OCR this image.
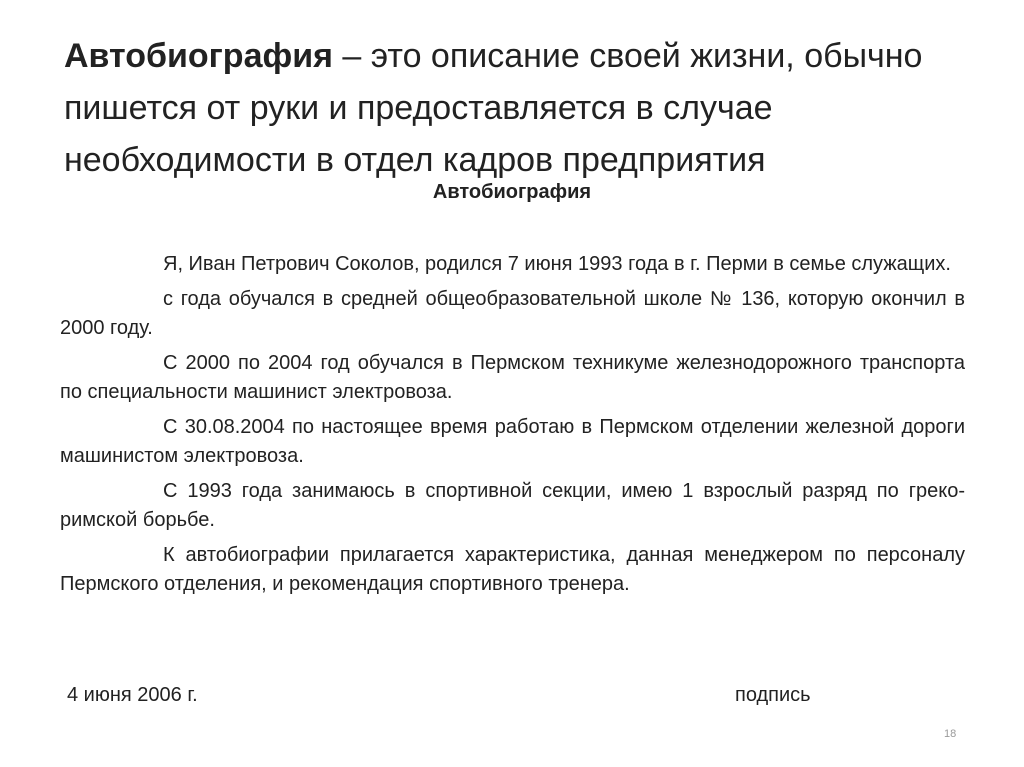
Автобиография – это описание своей жизни, обычно пишется от руки и предоставляется в случае необходимости в отдел кадров предприятия
Автобиография

Я, Иван Петрович Соколов, родился 7 июня 1993 года в г. Перми в семье служащих.

с года обучался в средней общеобразовательной школе № 136, которую окончил в 2000 году.

С 2000 по 2004 год обучался в Пермском техникуме железнодорожного транспорта по специальности машинист электровоза.

С 30.08.2004 по настоящее время работаю в Пермском отделении железной дороги машинистом электровоза.

С 1993 года занимаюсь в спортивной секции, имею 1 взрослый разряд по греко-римской борьбе.

К автобиографии прилагается характеристика, данная менеджером по персоналу Пермского отделения, и рекомендация спортивного тренера.

4 июня 2006 г.	подпись
18
